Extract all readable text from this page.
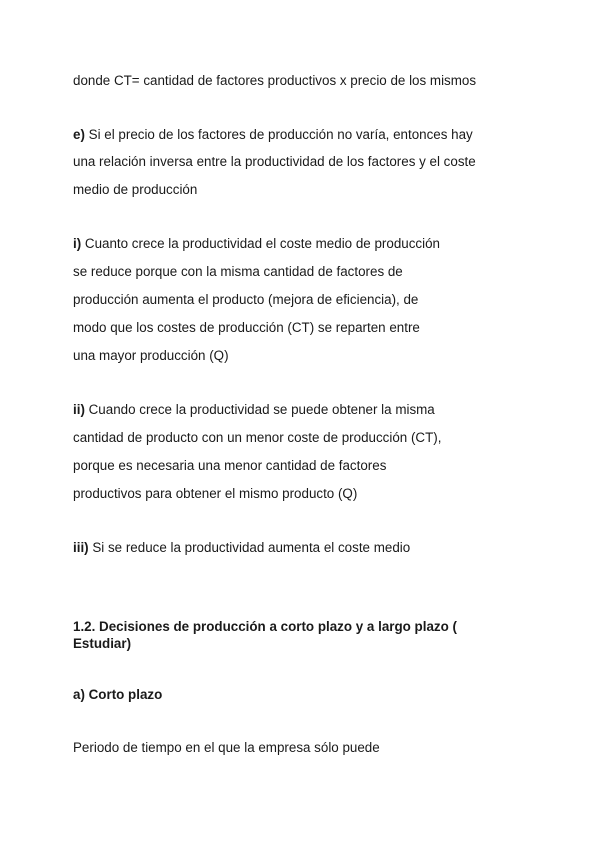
donde CT= cantidad de factores productivos x precio de los mismos
e) Si el precio de los factores de producción no varía, entonces hay
una relación inversa entre la productividad de los factores y el coste
medio de producción
i) Cuanto crece la productividad el coste medio de producción
se reduce porque con la misma cantidad de factores de
producción aumenta el producto (mejora de eficiencia), de
modo que los costes de producción (CT) se reparten entre
una mayor producción (Q)
ii) Cuando crece la productividad se puede obtener la misma
cantidad de producto con un menor coste de producción (CT),
porque es necesaria una menor cantidad de factores
productivos para obtener el mismo producto (Q)
iii) Si se reduce la productividad aumenta el coste medio
1.2. Decisiones de producción a corto plazo y a largo plazo (
Estudiar)
a) Corto plazo
Periodo de tiempo en el que la empresa sólo puede
